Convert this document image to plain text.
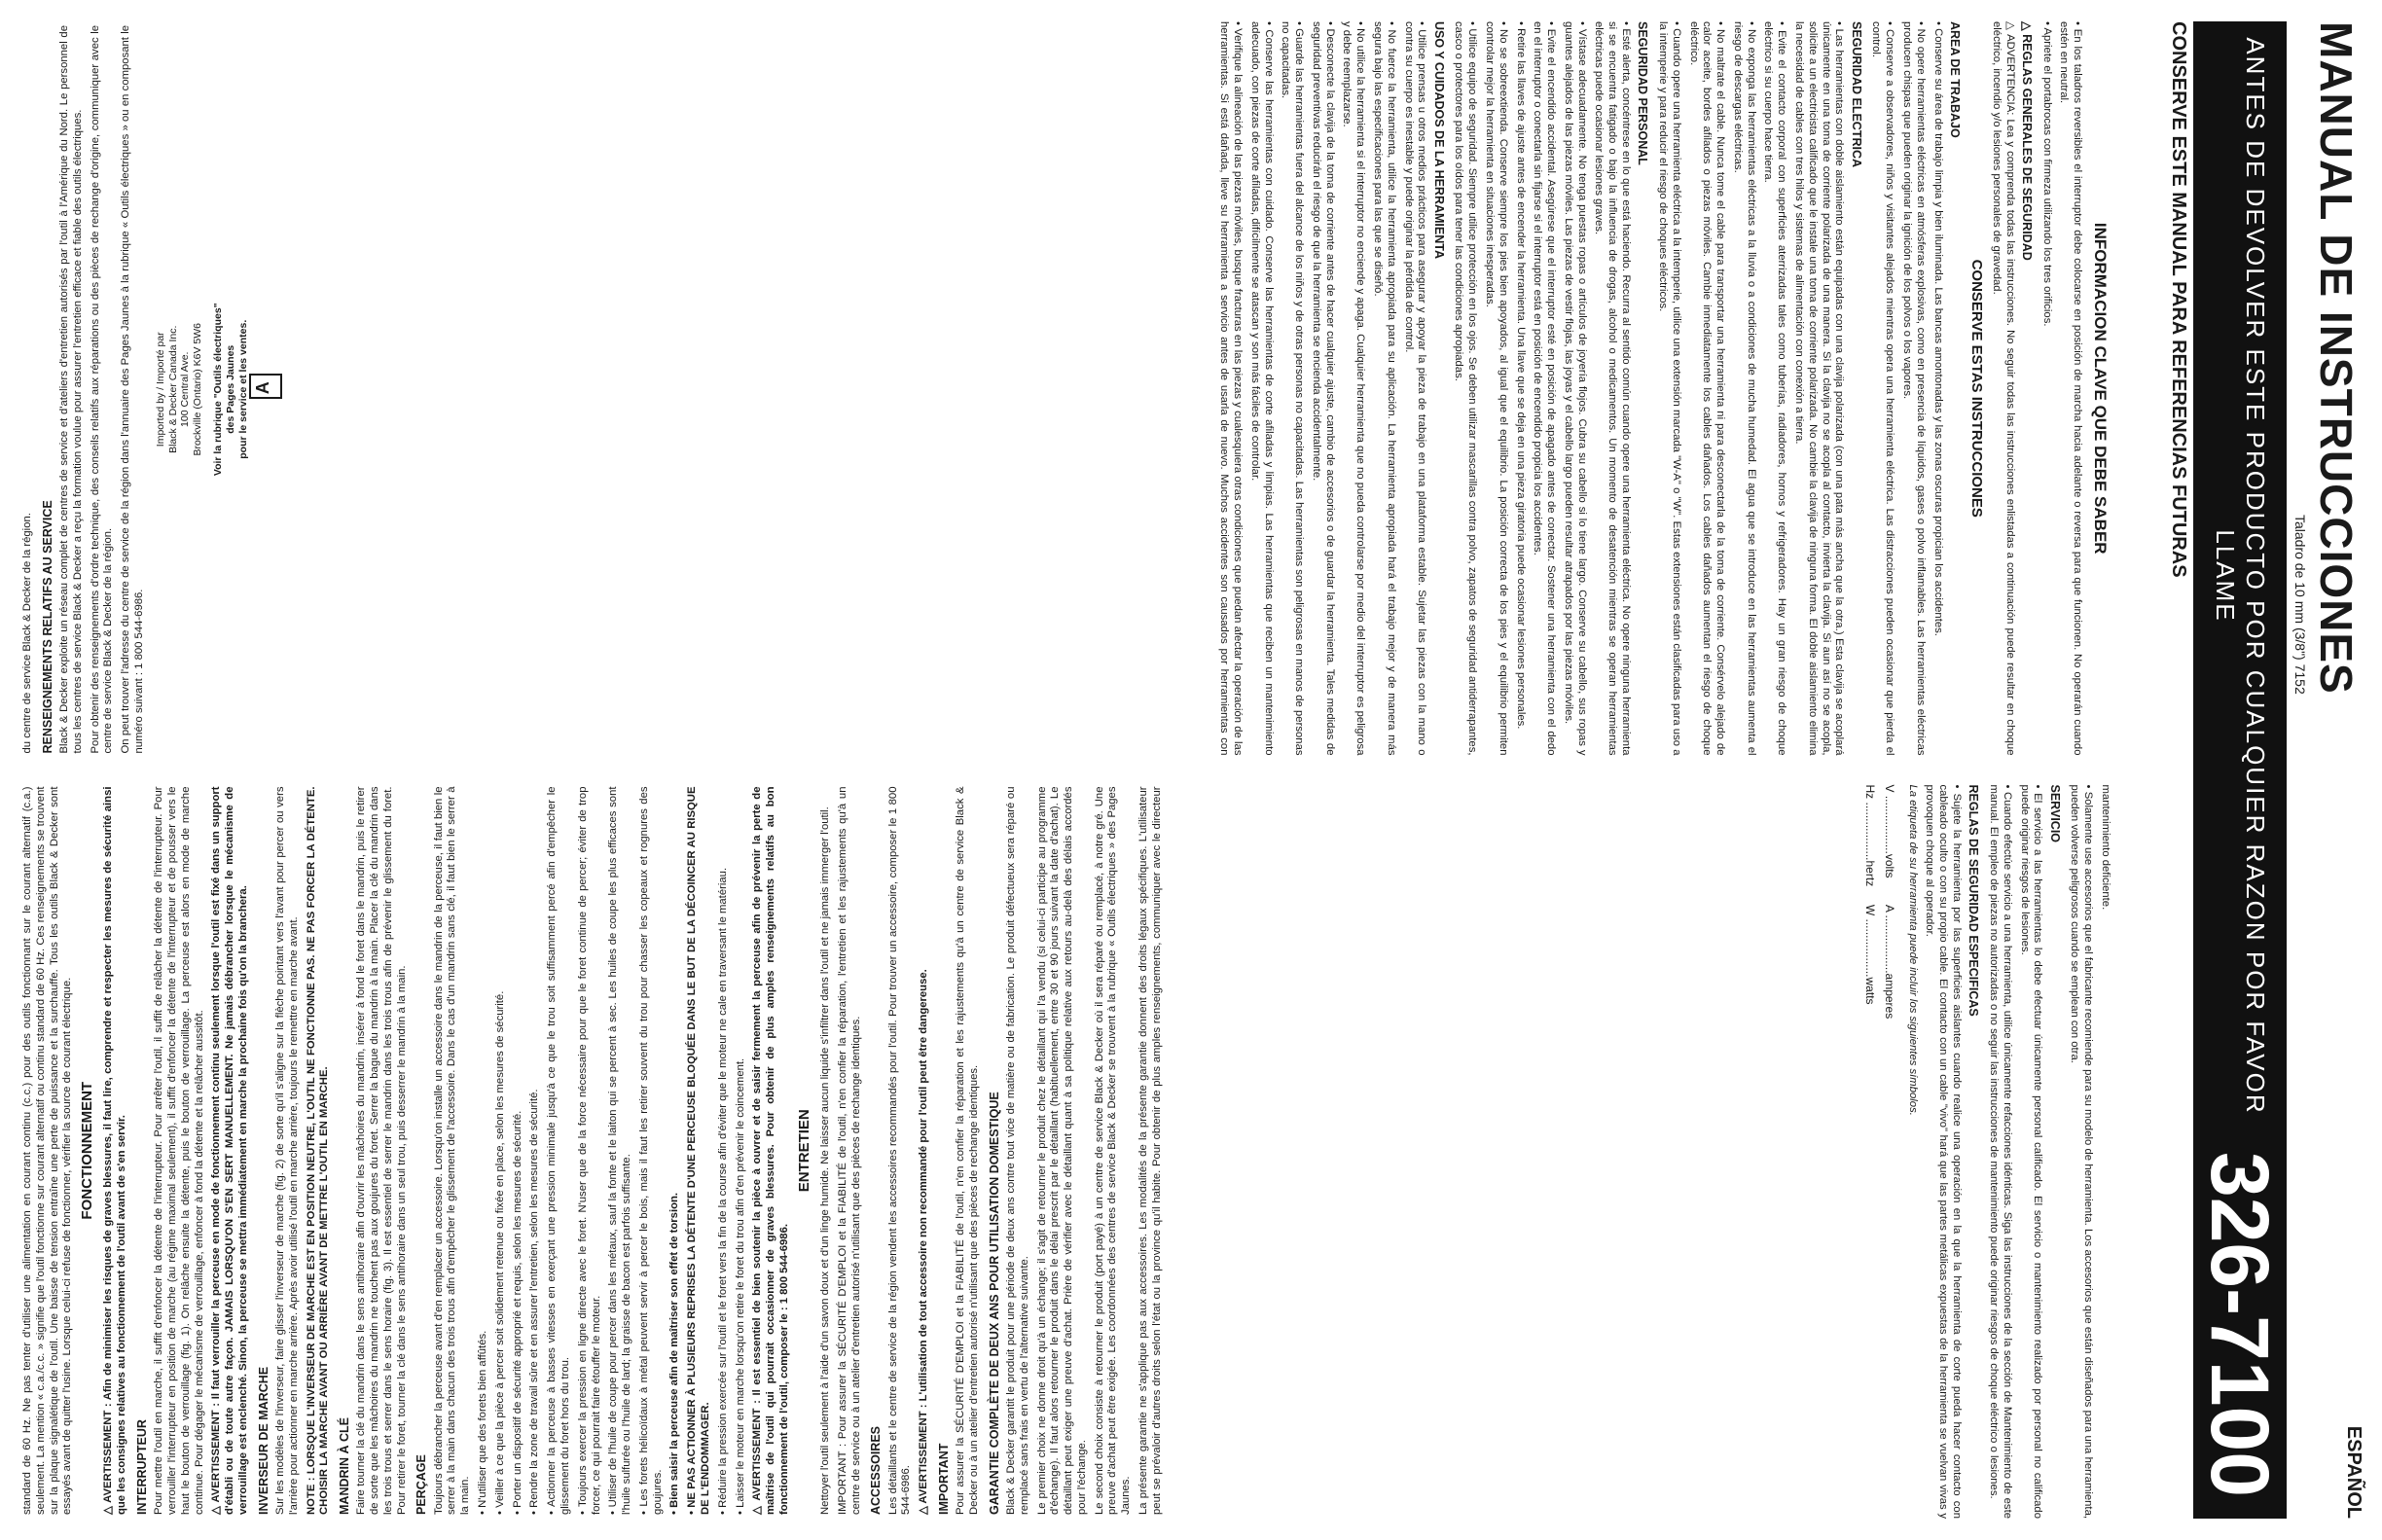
standard de 60 Hz. Ne pas tenter d'utiliser une alimentation en courant continu (c.c.) pour des outils fonctionnant sur le courant alternatif (c.a.) seulement. La mention « c.a./c.c. » signifie que l'outil fonctionne sur courant alternatif ou continu standard de 60 Hz. Ces renseignements se trouvent sur la plaque signalétique de l'outil. Une baisse de tension entraîne une perte de puissance et la surchauffe. Tous les outils Black & Decker sont essayés avant de quitter l'usine. Lorsque celui-ci refuse de fonctionner, vérifier la source de courant électrique. FONCTIONNEMENT △ AVERTISSEMENT : Afin de minimiser les risques de graves blessures, il faut lire, comprendre et respecter les mesures de sécurité ainsi que les consignes relatives au fonctionnement de l'outil avant de s'en servir. INTERRUPTEUR Pour mettre l'outil en marche, il suffit d'enfoncer la détente de l'interrupteur. Pour arrêter l'outil, il suffit de relâcher la détente de l'interrupteur. Pour verrouiller l'interrupteur en position de marche (au régime maximal seulement), il suffit d'enfoncer la détente de l'interrupteur et de pousser vers le haut le bouton de verrouillage (fig. 1). On relâche ensuite la détente, puis le bouton de verrouillage. La perceuse est alors en mode de marche continue. Pour dégager le mécanisme de verrouillage, enfoncer à fond la détente et la relâcher aussitôt. △ AVERTISSEMENT : Il faut verrouiller la perceuse en mode de fonctionnement continu seulement lorsque l'outil est fixé dans un support d'établi ou de toute autre façon. JAMAIS LORSQU'ON S'EN SERT MANUELLEMENT. Ne jamais débrancher lorsque le mécanisme de verrouillage est enclenché. Sinon, la perceuse se mettra immédiatement en marche la prochaine fois qu'on la branchera. INVERSEUR DE MARCHE Sur les modèles de l'inverseur, faire glisser l'inverseur de marche (fig. 2) de sorte qu'il s'aligne sur la flèche pointant vers l'avant pour percer ou vers l'arrière pour actionner en marche arrière. Après avoir utilisé l'outil en marche arrière, toujours le remettre en marche avant. NOTE : LORSQUE L'INVERSEUR DE MARCHE EST EN POSITION NEUTRE, L'OUTIL NE FONCTIONNE PAS. NE PAS FORCER LA DÉTENTE. CHOISIR LA MARCHE AVANT OU ARRIÈRE AVANT DE METTRE L'OUTIL EN MARCHE. MANDRIN À CLÉ Faire tourner la clé du mandrin dans le sens antihoraire afin d'ouvrir les mâchoires du mandrin, insérer à fond le foret dans le mandrin, puis le retirer de sorte que les mâchoires du mandrin ne touchent pas aux goujures du foret. Serrer la bague du mandrin à la main. Placer la clé du mandrin dans les trois trous et serrer dans le sens horaire (fig. 3). Il est essentiel de serrer le mandrin dans les trois trous afin de prévenir le glissement du foret. Pour retirer le foret, tourner la clé dans le sens antihoraire dans un seul trou, puis desserrer le mandrin à la main. PERÇAGE Toujours débrancher la perceuse avant d'en remplacer un accessoire. Lorsqu'on installe un accessoire dans le mandrin de la perceuse, il faut bien le serrer à la main dans chacun des trois trous afin d'empêcher le glissement de l'accessoire. Dans le cas d'un mandrin sans clé, il faut bien le serrer à la main. • N'utiliser que des forets bien affûtés. • Veiller à ce que la pièce à percer soit solidement retenue ou fixée en place, selon les mesures de sécurité. • Porter un dispositif de sécurité approprié et requis, selon les mesures de sécurité. • Rendre la zone de travail sûre et en assurer l'entretien, selon les mesures de sécurité. • Actionner la perceuse à basses vitesses en exerçant une pression minimale jusqu'à ce que le trou soit suffisamment percé afin d'empêcher le glissement du foret hors du trou. • Toujours exercer la pression en ligne directe avec le foret. N'user que de la force nécessaire pour que le foret continue de percer; éviter de trop forcer, ce qui pourrait faire étouffer le moteur. • Utiliser de l'huile de coupe pour percer dans les métaux, sauf la fonte et le laiton qui se percent à sec. Les huiles de coupe les plus efficaces sont l'huile sulfurée ou l'huile de lard; la graisse de bacon est parfois suffisante. • Les forets hélicoïdaux à métal peuvent servir à percer le bois, mais il faut les retirer souvent du trou pour chasser les copeaux et rognures des goujures. • Bien saisir la perceuse afin de maîtriser son effet de torsion. • NE PAS ACTIONNER À PLUSIEURS REPRISES LA DÉTENTE D'UNE PERCEUSE BLOQUÉE DANS LE BUT DE LA DÉCOINCER AU RISQUE DE L'ENDOMMAGER. • Réduire la pression exercée sur l'outil et le foret vers la fin de la course afin d'éviter que le moteur ne cale en traversant le matériau. • Laisser le moteur en marche lorsqu'on retire le foret du trou afin d'en prévenir le coincement. △ AVERTISSEMENT : Il est essentiel de bien soutenir la pièce à ouvrer et de saisir fermement la perceuse afin de prévenir la perte de maîtrise de l'outil qui pourrait occasionner de graves blessures. Pour obtenir de plus amples renseignements relatifs au bon fonctionnement de l'outil, composer le : 1 800 544-6986.

ENTRETIEN Nettoyer l'outil seulement à l'aide d'un savon doux et d'un linge humide. Ne laisser aucun liquide s'infiltrer dans l'outil et ne jamais immerger l'outil. IMPORTANT : Pour assurer la SÉCURITÉ D'EMPLOI et la FIABILITÉ de l'outil, n'en confier la réparation, l'entretien et les rajustements qu'à un centre de service ou à un atelier d'entretien autorisé n'utilisant que des pièces de rechange identiques. ACCESSOIRES Les détaillants et le centre de service de la région vendent les accessoires recommandés pour l'outil. Pour trouver un accessoire, composer le 1 800 544-6986. △ AVERTISSEMENT : L'utilisation de tout accessoire non recommandé pour l'outil peut être dangereuse. IMPORTANT Pour assurer la SÉCURITÉ D'EMPLOI et la FIABILITÉ de l'outil, n'en confier la réparation et les rajustements qu'à un centre de service Black & Decker ou à un atelier d'entretien autorisé n'utilisant que des pièces de rechange identiques. GARANTIE COMPLÈTE DE DEUX ANS POUR UTILISATION DOMESTIQUE Black & Decker garantit le produit pour une période de deux ans contre tout vice de matière ou de fabrication. Le produit défectueux sera réparé ou remplacé sans frais en vertu de l'alternative suivante. Le premier choix ne donne droit qu'à un échange; il s'agit de retourner le produit chez le détaillant qui l'a vendu (si celui-ci participe au programme d'échange). Il faut alors retourner le produit dans le délai prescrit par le détaillant (habituellement, entre 30 et 90 jours suivant la date d'achat). Le détaillant peut exiger une preuve d'achat. Prière de vérifier avec le détaillant quant à sa politique relative aux retours au-delà des délais accordés pour l'échange. Le second choix consiste à retourner le produit (port payé) à un centre de service Black & Decker où il sera réparé ou remplacé, à notre gré. Une preuve d'achat peut être exigée. Les coordonnées des centres de service Black & Decker se trouvent à la rubrique « Outils électriques » des Pages Jaunes. La présente garantie ne s'applique pas aux accessoires. Les modalités de la présente garantie donnent des droits légaux spécifiques. L'utilisateur peut se prévaloir d'autres droits selon l'état ou la province qu'il habite. Pour obtenir de plus amples renseignements, communiquer avec le directeur du centre de service Black & Decker de la région. RENSEIGNEMENTS RELATIFS AU SERVICE Black & Decker exploite un réseau complet de centres de service et d'ateliers d'entretien autorisés par l'outil à l'Amérique du Nord. Le personnel de tous les centres de service Black & Decker a reçu la formation voulue pour assurer l'entretien efficace et fiable des outils électriques. Pour obtenir des renseignements d'ordre technique, des conseils relatifs aux réparations ou des pièces de rechange d'origine, communiquer avec le centre de service Black & Decker de la région. On peut trouver l'adresse du centre de service de la région dans l'annuaire des Pages Jaunes à la rubrique « Outils électriques » ou en composant le numéro suivant : 1 800 544-6986.

Imported by / Importé par Black & Decker Canada Inc. 100 Central Ave. Brockville (Ontario) K6V 5W6 Voir la rubrique "Outils électriques" des Pages Jaunes pour le service et les ventes. A	MANUAL DE INSTRUCCIONES
Taladro de 10 mm (3/8") 7152
ESPAÑOL
ANTES DE DEVOLVER ESTE PRODUCTO POR CUALQUIER RAZON POR FAVOR LLAME
326-7100
CONSERVE ESTE MANUAL PARA REFERENCIAS FUTURAS
INFORMACION CLAVE QUE DEBE SABER

• En los taladros reversibles el interruptor debe colocarse en posición de marcha hacia adelante o reversa para que funcionen. No operarán cuando estén en neutral.

• Apriete el portabrocas con firmeza utilizando los tres orificios.

△ REGLAS GENERALES DE SEGURIDAD

△ ADVERTENCIA: Lea y comprenda todas las instrucciones. No seguir todas las instrucciones enlistadas a continuación puede resultar en choque eléctrico, incendio y/o lesiones personales de gravedad.

CONSERVE ESTAS INSTRUCCIONES
AREA DE TRABAJO

• Conserve su área de trabajo limpia y bien iluminada. Las bancas amontonadas y las zonas oscuras propician los accidentes.

• No opere herramientas eléctricas en atmósferas explosivas, como en presencia de líquidos, gases o polvo inflamables. Las herramientas eléctricas producen chispas que pueden originar la ignición de los polvos o los vapores.

• Conserve a observadores, niños y visitantes alejados mientras opera una herramienta eléctrica. Las distracciones pueden ocasionar que pierda el control.

SEGURIDAD ELECTRICA

• Las herramientas con doble aislamiento están equipadas con una clavija polarizada (con una pata más ancha que la otra.) Esta clavija se acoplará únicamente en una toma de corriente polarizada de una manera. Si la clavija no se acopla al contacto, invierta la clavija. Si aun así no se acopla, solicite a un electricista calificado que le instale una toma de corriente polarizada. No cambie la clavija de ninguna forma. El doble aislamiento elimina la necesidad de cables con tres hilos y sistemas de alimentación con conexión a tierra.

• Evite el contacto corporal con superficies aterrizadas tales como tuberías, radiadores, hornos y refrigeradores. Hay un gran riesgo de choque eléctrico si su cuerpo hace tierra.

• No exponga las herramientas eléctricas a la lluvia o a condiciones de mucha humedad. El agua que se introduce en las herramientas aumenta el riesgo de descargas eléctricas.

• No maltrate el cable. Nunca tome el cable para transportar una herramienta ni para desconectarla de la toma de corriente. Consérvelo alejado de calor aceite, bordes afilados o piezas móviles. Cambie inmediatamente los cables dañados. Los cables dañados aumentan el riesgo de choque eléctrico.

• Cuando opere una herramienta eléctrica a la intemperie, utilice una extensión marcada "W-A" o "W". Estas extensiones están clasificadas para uso a la intemperie y para reducir el riesgo de choques eléctricos.

SEGURIDAD PERSONAL

• Esté alerta, concéntrese en lo que está haciendo. Recurra al sentido común cuando opere una herramienta eléctrica. No opere ninguna herramienta si se encuentra fatigado o bajo la influencia de drogas, alcohol o medicamentos. Un momento de desatención mientras se operan herramientas eléctricas puede ocasionar lesiones graves.

• Vístase adecuadamente. No tenga puestas ropas o artículos de joyería flojos. Cubra su cabello si lo tiene largo. Conserve su cabello, sus ropas y guantes alejados de las piezas móviles. Las piezas de vestir flojas, las joyas y el cabello largo pueden resultar atrapados por las piezas móviles.

• Evite el encendido accidental. Asegúrese que el interruptor esté en posición de apagado antes de conectar. Sostener una herramienta con el dedo en el interruptor o conectarla sin fijarse si el interruptor está en posición de encendido propicia los accidentes.

• Retire las llaves de ajuste antes de encender la herramienta. Una llave que se deja en una pieza giratoria puede ocasionar lesiones personales.

• No se sobreextienda. Conserve siempre los pies bien apoyados, al igual que el equilibrio. La posición correcta de los pies y el equilibrio permiten controlar mejor la herramienta en situaciones inesperadas.

• Utilice equipo de seguridad. Siempre utilice protección en los ojos. Se deben utilizar mascarillas contra polvo, zapatos de seguridad antiderrapantes, casco o protectores para los oídos para tener las condiciones apropiadas.

USO Y CUIDADOS DE LA HERRAMIENTA

• Utilice prensas u otros medios prácticos para asegurar y apoyar la pieza de trabajo en una plataforma estable. Sujetar las piezas con la mano o contra su cuerpo es inestable y puede originar la pérdida de control.

• No fuerce la herramienta, utilice la herramienta apropiada para su aplicación. La herramienta apropiada hará el trabajo mejor y de manera más segura bajo las especificaciones para las que se diseñó.

• No utilice la herramienta si el interruptor no enciende y apaga. Cualquier herramienta que no pueda controlarse por medio del interruptor es peligrosa y debe reemplazarse.

• Desconecte la clavija de la toma de corriente antes de hacer cualquier ajuste, cambio de accesorios o de guardar la herramienta. Tales medidas de seguridad preventivas reducirán el riesgo de que la herramienta se encienda accidentalmente.

• Guarde las herramientas fuera del alcance de los niños y de otras personas no capacitadas. Las herramientas son peligrosas en manos de personas no capacitadas.

• Conserve las herramientas con cuidado. Conserve las herramientas de corte afiladas y limpias. Las herramientas que reciben un mantenimiento adecuado, con piezas de corte afiladas, difícilmente se atascan y son más fáciles de controlar.

• Verifique la alineación de las piezas móviles, busque fracturas en las piezas y cualesquiera otras condiciones que puedan afectar la operación de las herramientas. Si está dañada, lleve su herramienta a servicio antes de usarla de nuevo. Muchos accidentes son causados por herramientas con mantenimiento deficiente.

• Solamente use accesorios que el fabricante recomiende para su modelo de herramienta. Los accesorios que están diseñados para una herramienta, pueden volverse peligrosos cuando se emplean con otra.

SERVICIO

• El servicio a las herramientas lo debe efectuar únicamente personal calificado. El servicio o mantenimiento realizado por personal no calificado puede originar riesgos de lesiones.

• Cuando efectúe servicio a una herramienta, utilice únicamente refacciones idénticas. Siga las instrucciones de la sección de Mantenimiento de este manual. El empleo de piezas no autorizadas o no seguir las instrucciones de mantenimiento puede originar riesgos de choque eléctrico o lesiones.

REGLAS DE SEGURIDAD ESPECIFICAS

• Sujete la herramienta por las superficies aislantes cuando realice una operación en la que la herramienta de corte pueda hacer contacto con cableado oculto o con su propio cable. El contacto con un cable "vivo" hará que las partes metálicas expuestas de la herramienta se vuelvan vivas y provoquen choque al operador.

La etiqueta de su herramienta puede incluir los siguientes símbolos.

V ..................volts A ..................amperes
Hz ..................hertz W ..................watts
